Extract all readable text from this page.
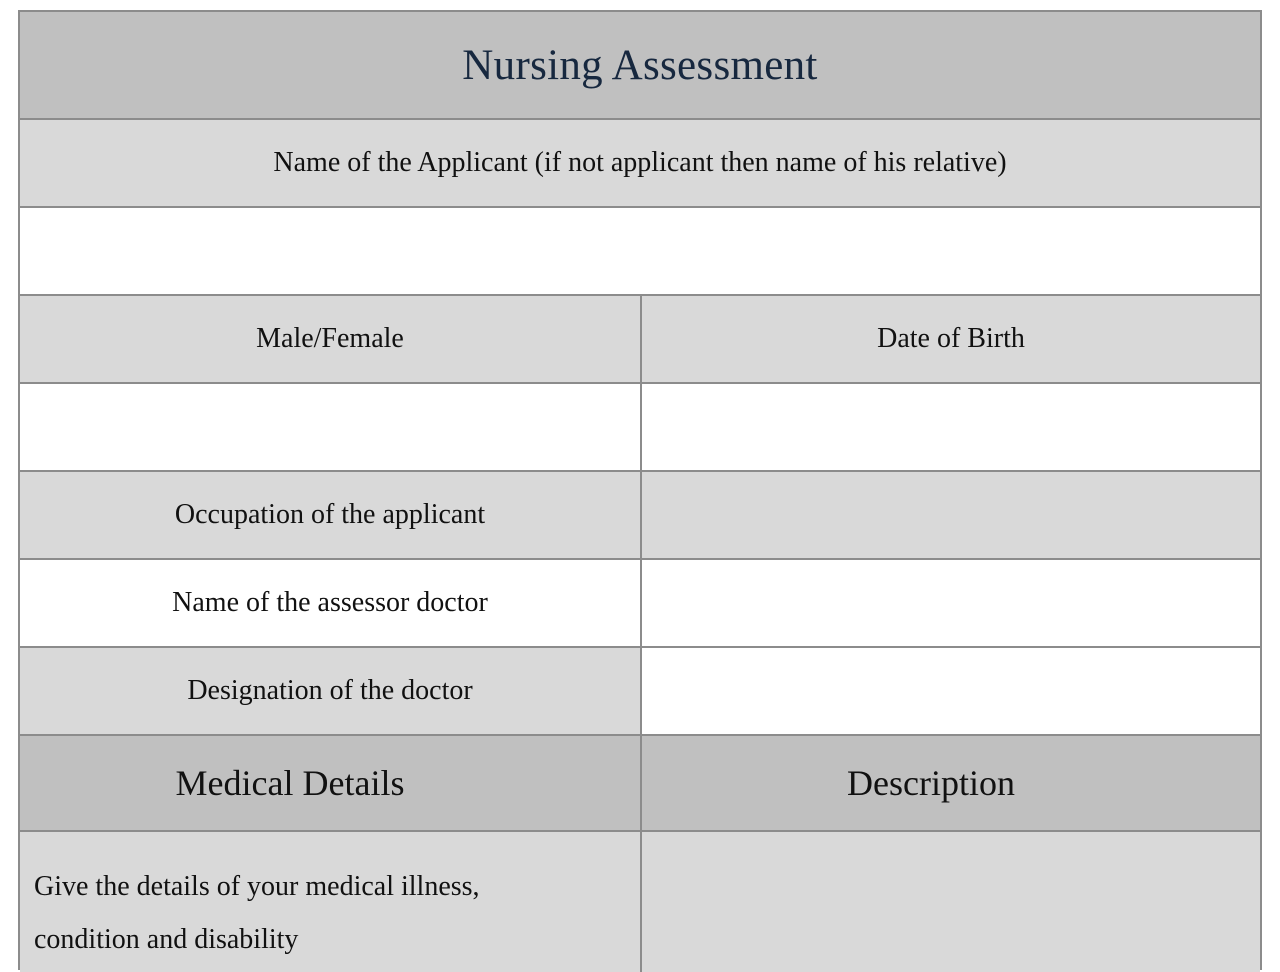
Nursing Assessment
Name of the Applicant (if not applicant then name of his relative)
Male/Female	Date of Birth
Occupation of the applicant
Name of the assessor doctor
Designation of the doctor
Medical Details	Description
Give the details of your medical illness,
condition and disability
